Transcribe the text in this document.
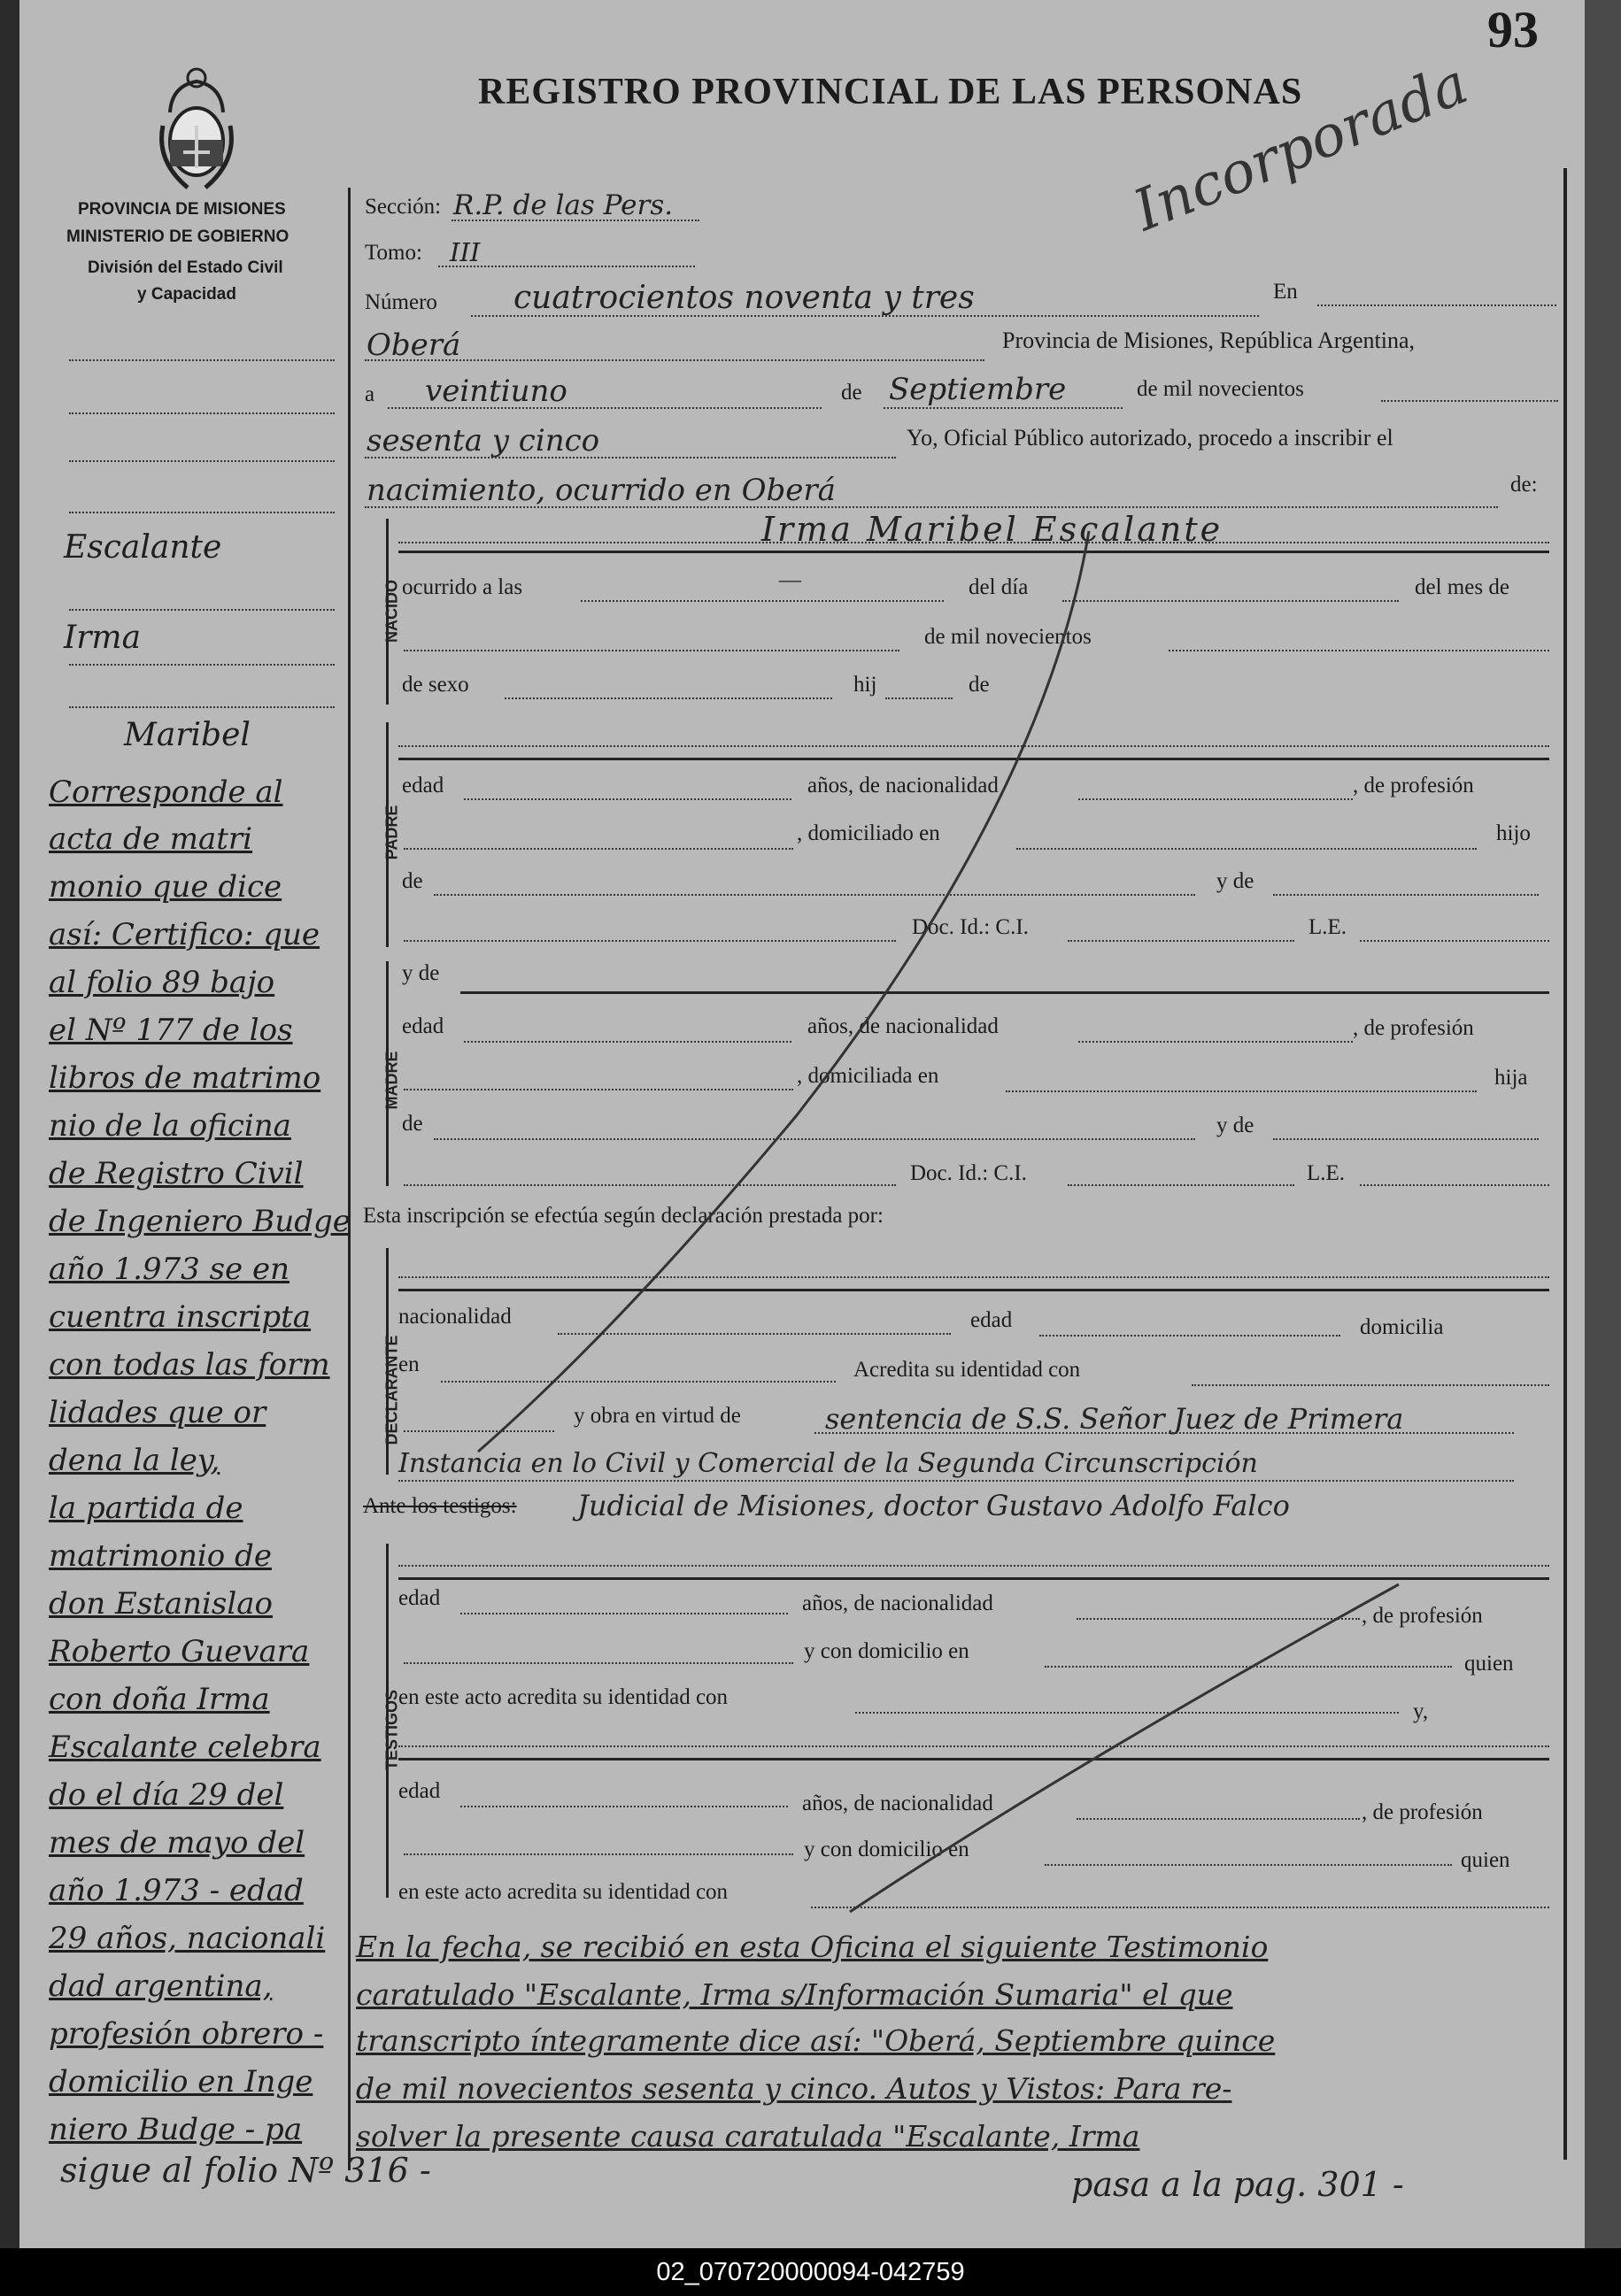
93
PROVINCIA DE MISIONES
MINISTERIO DE GOBIERNO
División del Estado Civil
y Capacidad
REGISTRO PROVINCIAL DE LAS PERSONAS
Incorporada
Escalante
Irma
Maribel
Corresponde al
acta de matri
monio que dice
así: Certifico: que
al folio 89 bajo
el Nº 177 de los
libros de matrimo
nio de la oficina
de Registro Civil
de Ingeniero Budge
año 1.973 se en
cuentra inscripta
con todas las form
lidades que or
dena la ley,
la partida de
matrimonio de
don Estanislao
Roberto Guevara
con doña Irma
Escalante celebra
do el día 29 del
mes de mayo del
año 1.973 - edad
29 años, nacionali
dad argentina,
profesión obrero -
domicilio en Inge
niero Budge - pa
sigue al folio Nº 316 -
Sección: R.P. de las Pers.
Tomo: III
Número cuatrocientos noventa y tres	En
Oberá	Provincia de Misiones, República Argentina,
a veintiuno	de Septiembre	de mil novecientos
sesenta y cinco	Yo, Oficial Público autorizado, procedo a inscribir el
nacimiento, ocurrido en Oberá	de:
NACIDO
Irma Maribel Escalante
ocurrido a las	—	del día	del mes de
de mil novecientos
de sexo	hij	de
PADRE
edad	años, de nacionalidad	, de profesión
, domiciliado en	hijo
de	y de
Doc. Id.: C.I.	L.E.
MADRE
y de
edad	años, de nacionalidad	, de profesión
, domiciliada en	hija
de	y de
Doc. Id.: C.I.	L.E.
Esta inscripción se efectúa según declaración prestada por:
DECLARANTE
nacionalidad	edad	domicilia
en	Acredita su identidad con
y obra en virtud de	sentencia de S.S. Señor Juez de Primera
Instancia en lo Civil y Comercial de la Segunda Circunscripción
Ante los testigos: Judicial de Misiones, doctor Gustavo Adolfo Falco
TESTIGOS
edad	años, de nacionalidad
, de profesión
y con domicilio en
quien
en este acto acredita su identidad con
y,
edad
años, de nacionalidad	, de profesión
y con domicilio en	quien
en este acto acredita su identidad con
En la fecha, se recibió en esta Oficina el siguiente Testimonio
caratulado "Escalante, Irma s/Información Sumaria" el que
transcripto íntegramente dice así: "Oberá, Septiembre quince
de mil novecientos sesenta y cinco. Autos y Vistos: Para re-
solver la presente causa caratulada "Escalante, Irma
pasa a la pag. 301 -
02_070720000094-042759
